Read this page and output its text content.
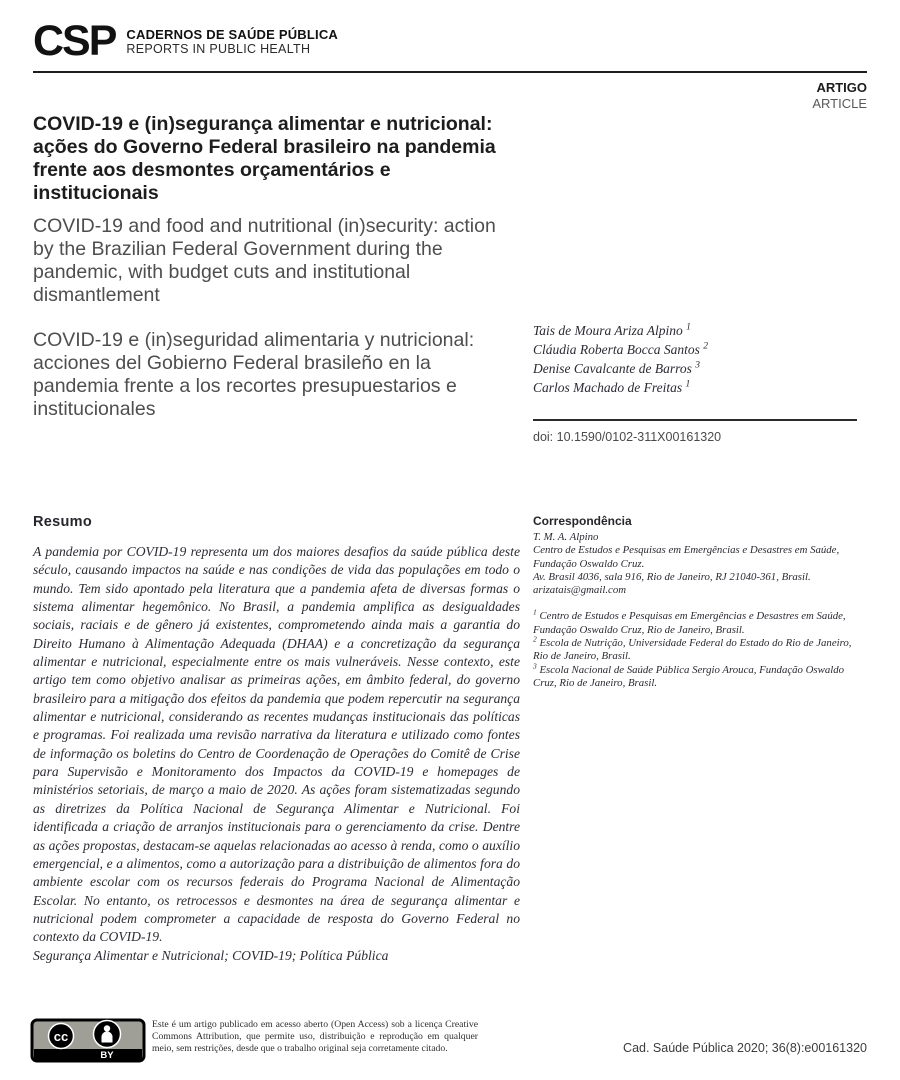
CSP CADERNOS DE SAÚDE PÚBLICA
REPORTS IN PUBLIC HEALTH
ARTIGO
ARTICLE
COVID-19 e (in)segurança alimentar e nutricional: ações do Governo Federal brasileiro na pandemia frente aos desmontes orçamentários e institucionais
COVID-19 and food and nutritional (in)security: action by the Brazilian Federal Government during the pandemic, with budget cuts and institutional dismantlement
COVID-19 e (in)seguridad alimentaria y nutricional: acciones del Gobierno Federal brasileño en la pandemia frente a los recortes presupuestarios e institucionales
Tais de Moura Ariza Alpino $^1$
Cláudia Roberta Bocca Santos $^2$
Denise Cavalcante de Barros $^3$
Carlos Machado de Freitas $^1$
doi: 10.1590/0102-311X00161320
Resumo

A pandemia por COVID-19 representa um dos maiores desafios da saúde pública deste século, causando impactos na saúde e nas condições de vida das populações em todo o mundo. Tem sido apontado pela literatura que a pandemia afeta de diversas formas o sistema alimentar hegemônico. No Brasil, a pandemia amplifica as desigualdades sociais, raciais e de gênero já existentes, comprometendo ainda mais a garantia do Direito Humano à Alimentação Adequada (DHAA) e a concretização da segurança alimentar e nutricional, especialmente entre os mais vulneráveis. Nesse contexto, este artigo tem como objetivo analisar as primeiras ações, em âmbito federal, do governo brasileiro para a mitigação dos efeitos da pandemia que podem repercutir na segurança alimentar e nutricional, considerando as recentes mudanças institucionais das políticas e programas. Foi realizada uma revisão narrativa da literatura e utilizado como fontes de informação os boletins do Centro de Coordenação de Operações do Comitê de Crise para Supervisão e Monitoramento dos Impactos da COVID-19 e homepages de ministérios setoriais, de março a maio de 2020. As ações foram sistematizadas segundo as diretrizes da Política Nacional de Segurança Alimentar e Nutricional. Foi identificada a criação de arranjos institucionais para o gerenciamento da crise. Dentre as ações propostas, destacam-se aquelas relacionadas ao acesso à renda, como o auxílio emergencial, e a alimentos, como a autorização para a distribuição de alimentos fora do ambiente escolar com os recursos federais do Programa Nacional de Alimentação Escolar. No entanto, os retrocessos e desmontes na área de segurança alimentar e nutricional podem comprometer a capacidade de resposta do Governo Federal no contexto da COVID-19.

Segurança Alimentar e Nutricional; COVID-19; Política Pública
Correspondência
T. M. A. Alpino
Centro de Estudos e Pesquisas em Emergências e Desastres em Saúde, Fundação Oswaldo Cruz.
Av. Brasil 4036, sala 916, Rio de Janeiro, RJ 21040-361, Brasil.
arizatais@gmail.com

$^1$ Centro de Estudos e Pesquisas em Emergências e Desastres em Saúde, Fundação Oswaldo Cruz, Rio de Janeiro, Brasil.

$^2$ Escola de Nutrição, Universidade Federal do Estado do Rio de Janeiro, Rio de Janeiro, Brasil.

$^3$ Escola Nacional de Saúde Pública Sergio Arouca, Fundação Oswaldo Cruz, Rio de Janeiro, Brasil.

cc
BY

Este é um artigo publicado em acesso aberto (Open Access) sob a licença Creative Commons Attribution, que permite uso, distribuição e reprodução em qualquer meio, sem restrições, desde que o trabalho original seja corretamente citado.	Cad. Saúde Pública 2020; 36(8):e00161320
